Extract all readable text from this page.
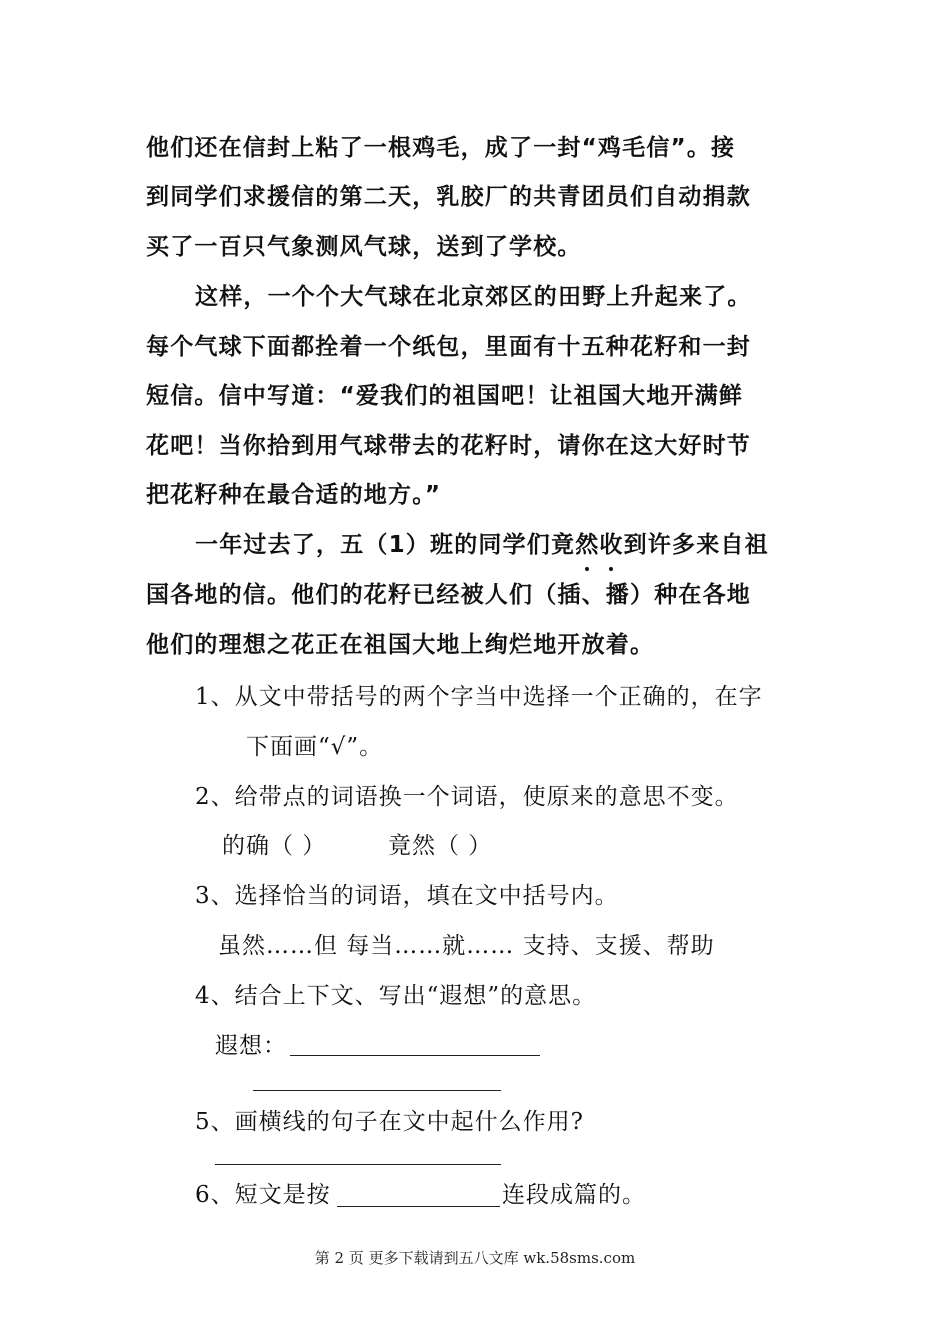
他们还在信封上粘了一根鸡毛，成了一封“鸡毛信”。接
到同学们求援信的第二天，乳胶厂的共青团员们自动捐款
买了一百只气象测风气球，送到了学校。
这样，一个个大气球在北京郊区的田野上升起来了。
每个气球下面都拴着一个纸包，里面有十五种花籽和一封
短信。信中写道：“爱我们的祖国吧！让祖国大地开满鲜
花吧！当你拾到用气球带去的花籽时，请你在这大好时节
把花籽种在最合适的地方。”
一年过去了，五（1）班的同学们竟然收到许多来自祖
国各地的信。他们的花籽已经被人们（插、播）种在各地
他们的理想之花正在祖国大地上绚烂地开放着。
1、从文中带括号的两个字当中选择一个正确的，在字
下面画“√”。
2、给带点的词语换一个词语，使原来的意思不变。
的确（ ）	竟然（ ）
3、选择恰当的词语，填在文中括号内。
虽然……但 每当……就…… 支持、支援、帮助
4、结合上下文、写出“遐想”的意思。
遐想：
5、画横线的句子在文中起什么作用?
6、短文是按	连段成篇的。
第 2 页 更多下载请到五八文库 wk.58sms.com
